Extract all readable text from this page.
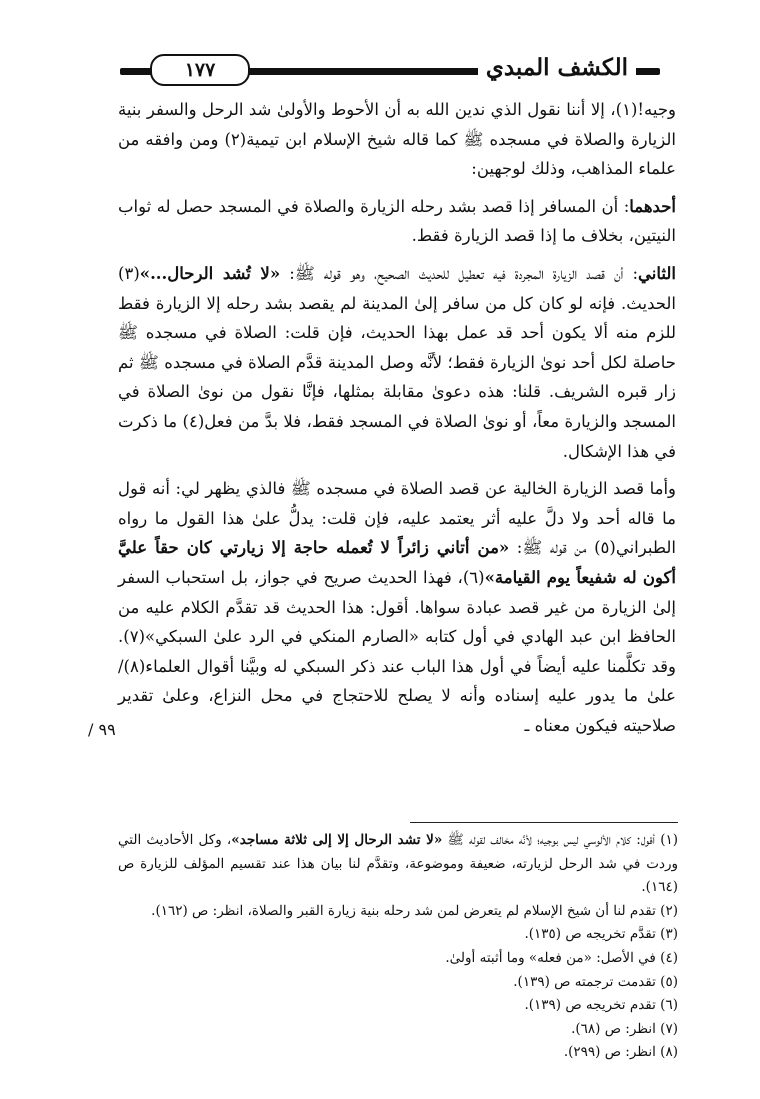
١٧٧	الكشف المبدي
/ ٩٩

وجيه!(١)، إلا أننا نقول الذي ندين الله به أن الأحوط والأولىٰ شد الرحل والسفر بنية الزيارة والصلاة في مسجده ﷺ كما قاله شيخ الإسلام ابن تيمية(٢) ومن وافقه من علماء المذاهب، وذلك لوجهين:

أحدهما: أن المسافر إذا قصد بشد رحله الزيارة والصلاة في المسجد حصل له ثواب النيتين، بخلاف ما إذا قصد الزيارة فقط.

الثاني: أن قصد الزيارة المجردة فيه تعطيل للحديث الصحيح، وهو قوله ﷺ: «لا تُشد الرحال...»(٣) الحديث. فإنه لو كان كل من سافر إلىٰ المدينة لم يقصد بشد رحله إلا الزيارة فقط للزم منه ألا يكون أحد قد عمل بهذا الحديث، فإن قلت: الصلاة في مسجده ﷺ حاصلة لكل أحد نوىٰ الزيارة فقط؛ لأنَّه وصل المدينة قدَّم الصلاة في مسجده ﷺ ثم زار قبره الشريف. قلنا: هذه دعوىٰ مقابلة بمثلها، فإنَّا نقول من نوىٰ الصلاة في المسجد والزيارة معاً، أو نوىٰ الصلاة في المسجد فقط، فلا بدَّ من فعل(٤) ما ذكرت في هذا الإشكال.

وأما قصد الزيارة الخالية عن قصد الصلاة في مسجده ﷺ فالذي يظهر لي: أنه قول ما قاله أحد ولا دلَّ عليه أثر يعتمد عليه، فإن قلت: يدلُّ علىٰ هذا القول ما رواه الطبراني(٥) من قوله ﷺ: «من أتاني زائراً لا تُعمله حاجة إلا زيارتي كان حقاً عليَّ أكون له شفيعاً يوم القيامة»(٦)، فهذا الحديث صريح في جواز، بل استحباب السفر إلىٰ الزيارة من غير قصد عبادة سواها. أقول: هذا الحديث قد تقدَّم الكلام عليه من الحافظ ابن عبد الهادي في أول كتابه «الصارم المنكي في الرد علىٰ السبكي»(٧). وقد تكلَّمنا عليه أيضاً في أول هذا الباب عند ذكر السبكي له وبيَّنا أقوال العلماء(٨)/ علىٰ ما يدور عليه إسناده وأنه لا يصلح للاحتجاج في محل النزاع، وعلىٰ تقدير صلاحيته فيكون معناه ـ

(١) أقول: كلام الألوسي ليس بوجيه؛ لأنَّه مخالف لقوله ﷺ «لا تشد الرحال إلا إلى ثلاثة مساجد»، وكل الأحاديث التي وردت في شد الرحل لزيارته، ضعيفة وموضوعة، وتقدَّم لنا بيان هذا عند تقسيم المؤلف للزيارة ص (١٦٤).

(٢) تقدم لنا أن شيخ الإسلام لم يتعرض لمن شد رحله بنية زيارة القبر والصلاة، انظر: ص (١٦٢).

(٣) تقدَّم تخريجه ص (١٣٥).

(٤) في الأصل: «من فعله» وما أثبته أولىٰ.

(٥) تقدمت ترجمته ص (١٣٩).

(٦) تقدم تخريجه ص (١٣٩).

(٧) انظر: ص (٦٨).

(٨) انظر: ص (٢٩٩).
